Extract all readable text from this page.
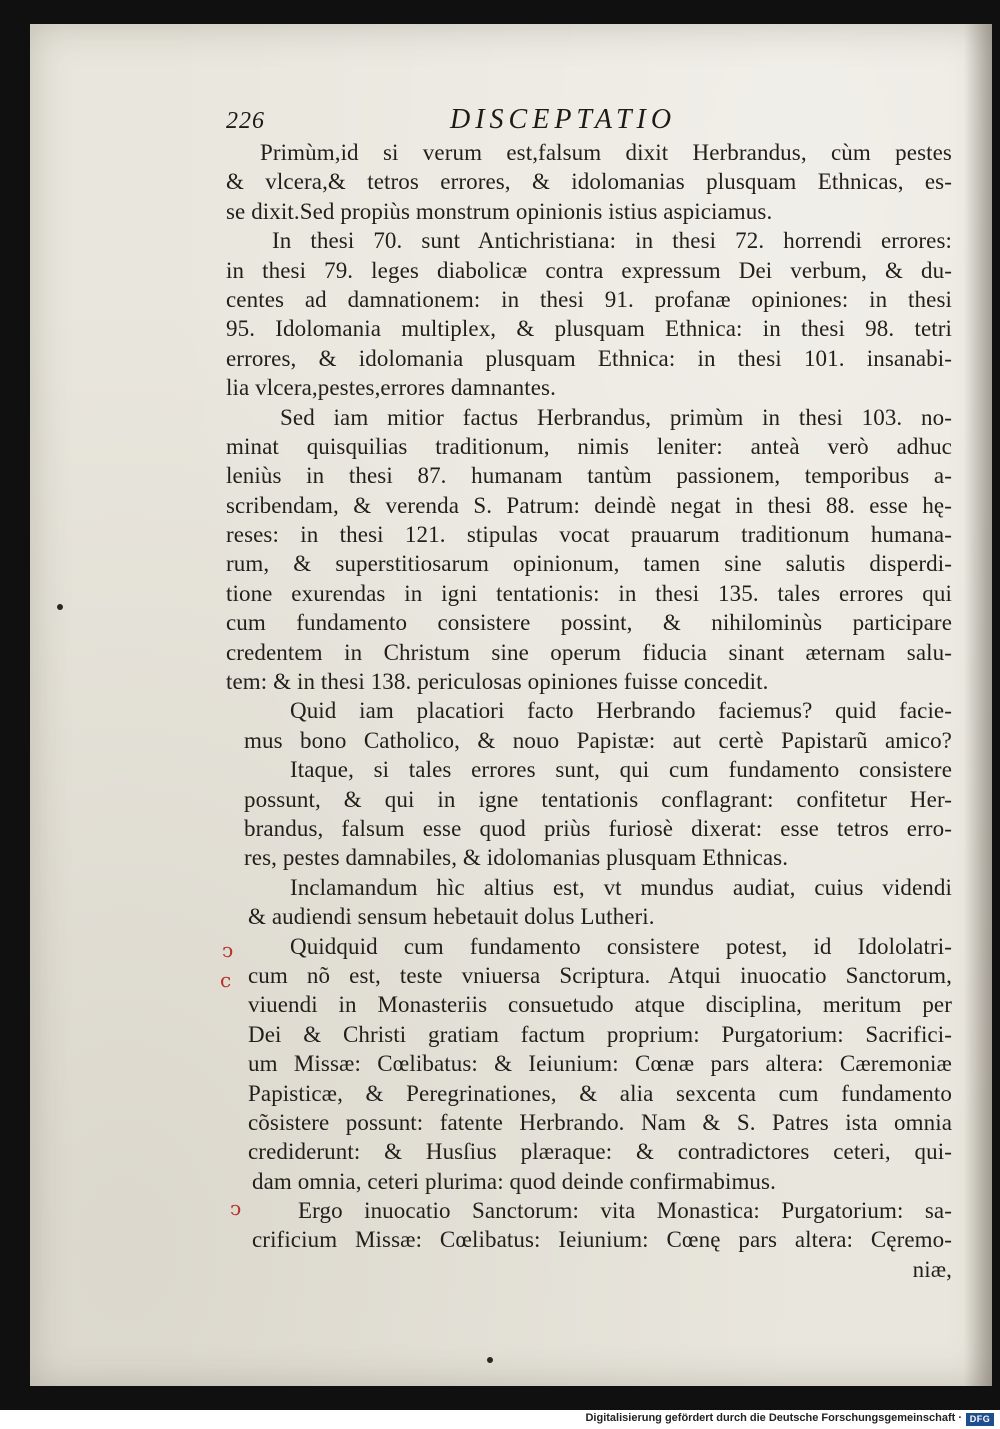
226	DISCEPTATIO
Primùm,id si verum est,falsum dixit Herbrandus, cùm pestes
& vlcera,& tetros errores, & idolomanias plusquam Ethnicas, es-
se dixit.Sed propiùs monstrum opinionis istius aspiciamus.
In thesi 70. sunt Antichristiana: in thesi 72. horrendi errores:
in thesi 79. leges diabolicæ contra expressum Dei verbum, & du-
centes ad damnationem: in thesi 91. profanæ opiniones: in thesi
95. Idolomania multiplex, & plusquam Ethnica: in thesi 98. tetri
errores, & idolomania plusquam Ethnica: in thesi 101. insanabi-
lia vlcera,pestes,errores damnantes.
Sed iam mitior factus Herbrandus, primùm in thesi 103. no-
minat quisquilias traditionum, nimis leniter: anteà verò adhuc
leniùs in thesi 87. humanam tantùm passionem, temporibus a-
scribendam, & verenda S. Patrum: deindè negat in thesi 88. esse hę-
reses: in thesi 121. stipulas vocat prauarum traditionum humana-
rum, & superstitiosarum opinionum, tamen sine salutis disperdi-
tione exurendas in igni tentationis: in thesi 135. tales errores qui
cum fundamento consistere possint, & nihilominùs participare
credentem in Christum sine operum fiducia sinant æternam salu-
tem: & in thesi 138. periculosas opiniones fuisse concedit.
Quid iam placatiori facto Herbrando faciemus? quid facie-
mus bono Catholico, & nouo Papistæ: aut certè Papistarũ amico?
Itaque, si tales errores sunt, qui cum fundamento consistere
possunt, & qui in igne tentationis conflagrant: confitetur Her-
brandus, falsum esse quod priùs furiosè dixerat: esse tetros erro-
res, pestes damnabiles, & idolomanias plusquam Ethnicas.
Inclamandum hìc altius est, vt mundus audiat, cuius videndi
& audiendi sensum hebetauit dolus Lutheri.
Quidquid cum fundamento consistere potest, id Idololatri-
cum nõ est, teste vniuersa Scriptura. Atqui inuocatio Sanctorum,
viuendi in Monasteriis consuetudo atque disciplina, meritum per
Dei & Christi gratiam factum proprium: Purgatorium: Sacrifici-
um Missæ: Cœlibatus: & Ieiunium: Cœnæ pars altera: Cæremoniæ
Papisticæ, & Peregrinationes, & alia sexcenta cum fundamento
cõsistere possunt: fatente Herbrando. Nam & S. Patres ista omnia
crediderunt: & Husſius plæraque: & contradictores ceteri, qui-
dam omnia, ceteri plurima: quod deinde confirmabimus.
Ergo inuocatio Sanctorum: vita Monastica: Purgatorium: sa-
crificium Missæ: Cœlibatus: Ieiunium: Cœnę pars altera: Cęremo-
niæ,
ↄ
c
ↄ
Digitalisierung gefördert durch die Deutsche Forschungsgemeinschaft · DFG
